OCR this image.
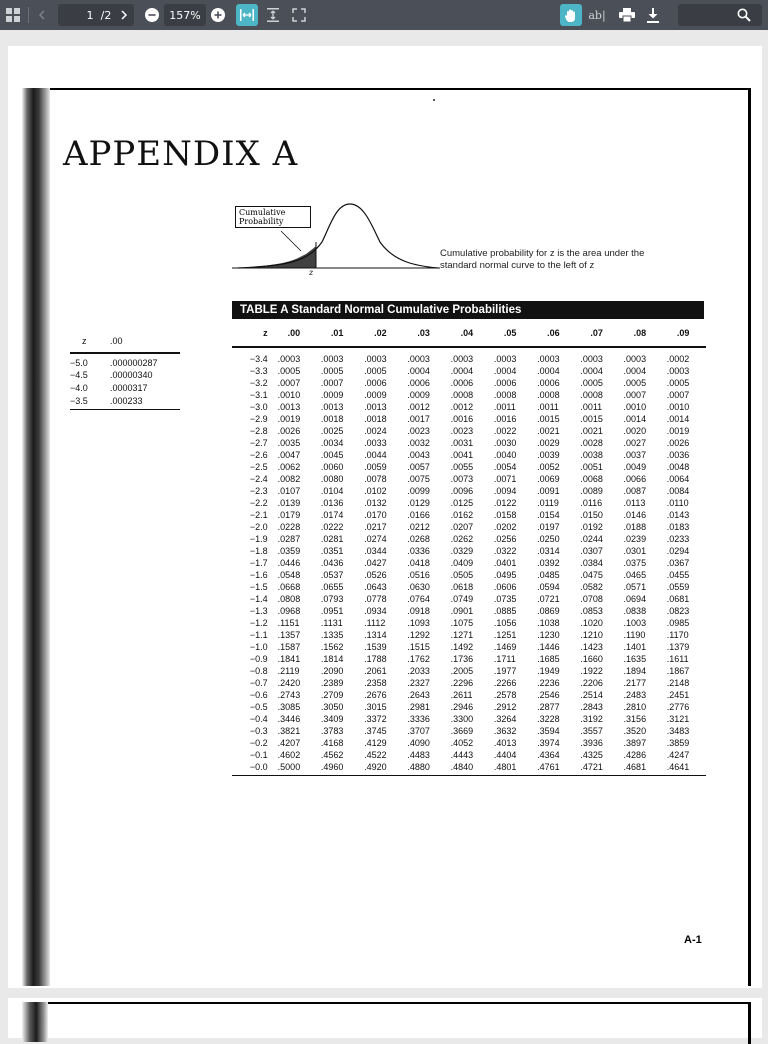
1 /2	157%	ab|
APPENDIX A
Cumulative Probability
z
Cumulative probability for z is the area under the standard normal curve to the left of z
TABLE A Standard Normal Cumulative Probabilities
z	.00
−5.0	.000000287
−4.5	.00000340
−4.0	.0000317
−3.5	.000233
z	.00	.01	.02	.03	.04	.05	.06	.07	.08	.09
−3.4	.0003	.0003	.0003	.0003	.0003	.0003	.0003	.0003	.0003	.0002
−3.3	.0005	.0005	.0005	.0004	.0004	.0004	.0004	.0004	.0004	.0003
−3.2	.0007	.0007	.0006	.0006	.0006	.0006	.0006	.0005	.0005	.0005
−3.1	.0010	.0009	.0009	.0009	.0008	.0008	.0008	.0008	.0007	.0007
−3.0	.0013	.0013	.0013	.0012	.0012	.0011	.0011	.0011	.0010	.0010
−2.9	.0019	.0018	.0018	.0017	.0016	.0016	.0015	.0015	.0014	.0014
−2.8	.0026	.0025	.0024	.0023	.0023	.0022	.0021	.0021	.0020	.0019
−2.7	.0035	.0034	.0033	.0032	.0031	.0030	.0029	.0028	.0027	.0026
−2.6	.0047	.0045	.0044	.0043	.0041	.0040	.0039	.0038	.0037	.0036
−2.5	.0062	.0060	.0059	.0057	.0055	.0054	.0052	.0051	.0049	.0048
−2.4	.0082	.0080	.0078	.0075	.0073	.0071	.0069	.0068	.0066	.0064
−2.3	.0107	.0104	.0102	.0099	.0096	.0094	.0091	.0089	.0087	.0084
−2.2	.0139	.0136	.0132	.0129	.0125	.0122	.0119	.0116	.0113	.0110
−2.1	.0179	.0174	.0170	.0166	.0162	.0158	.0154	.0150	.0146	.0143
−2.0	.0228	.0222	.0217	.0212	.0207	.0202	.0197	.0192	.0188	.0183
−1.9	.0287	.0281	.0274	.0268	.0262	.0256	.0250	.0244	.0239	.0233
−1.8	.0359	.0351	.0344	.0336	.0329	.0322	.0314	.0307	.0301	.0294
−1.7	.0446	.0436	.0427	.0418	.0409	.0401	.0392	.0384	.0375	.0367
−1.6	.0548	.0537	.0526	.0516	.0505	.0495	.0485	.0475	.0465	.0455
−1.5	.0668	.0655	.0643	.0630	.0618	.0606	.0594	.0582	.0571	.0559
−1.4	.0808	.0793	.0778	.0764	.0749	.0735	.0721	.0708	.0694	.0681
−1.3	.0968	.0951	.0934	.0918	.0901	.0885	.0869	.0853	.0838	.0823
−1.2	.1151	.1131	.1112	.1093	.1075	.1056	.1038	.1020	.1003	.0985
−1.1	.1357	.1335	.1314	.1292	.1271	.1251	.1230	.1210	.1190	.1170
−1.0	.1587	.1562	.1539	.1515	.1492	.1469	.1446	.1423	.1401	.1379
−0.9	.1841	.1814	.1788	.1762	.1736	.1711	.1685	.1660	.1635	.1611
−0.8	.2119	.2090	.2061	.2033	.2005	.1977	.1949	.1922	.1894	.1867
−0.7	.2420	.2389	.2358	.2327	.2296	.2266	.2236	.2206	.2177	.2148
−0.6	.2743	.2709	.2676	.2643	.2611	.2578	.2546	.2514	.2483	.2451
−0.5	.3085	.3050	.3015	.2981	.2946	.2912	.2877	.2843	.2810	.2776
−0.4	.3446	.3409	.3372	.3336	.3300	.3264	.3228	.3192	.3156	.3121
−0.3	.3821	.3783	.3745	.3707	.3669	.3632	.3594	.3557	.3520	.3483
−0.2	.4207	.4168	.4129	.4090	.4052	.4013	.3974	.3936	.3897	.3859
−0.1	.4602	.4562	.4522	.4483	.4443	.4404	.4364	.4325	.4286	.4247
−0.0	.5000	.4960	.4920	.4880	.4840	.4801	.4761	.4721	.4681	.4641
A-1
